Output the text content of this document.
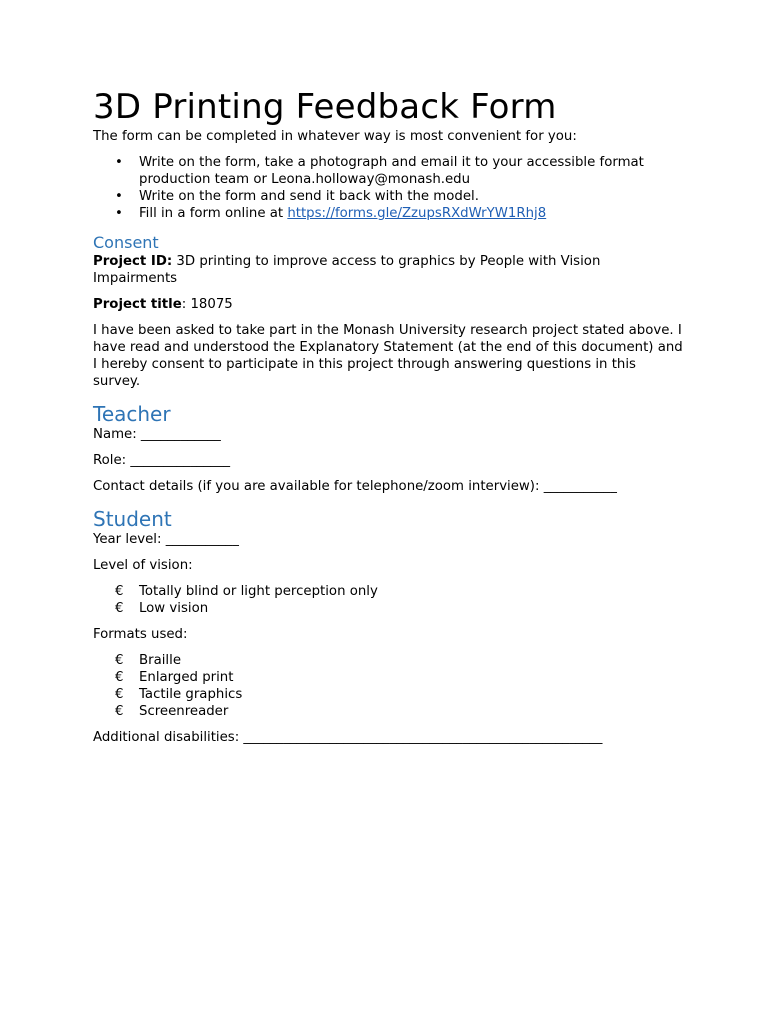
3D Printing Feedback Form

The form can be completed in whatever way is most convenient for you:

• Write on the form, take a photograph and email it to your accessible format production team or Leona.holloway@monash.edu
• Write on the form and send it back with the model.
• Fill in a form online at https://forms.gle/ZzupsRXdWrYW1Rhj8
Consent

Project ID: 3D printing to improve access to graphics by People with Vision Impairments

Project title: 18075

I have been asked to take part in the Monash University research project stated above. I have read and understood the Explanatory Statement (at the end of this document) and I hereby consent to participate in this project through answering questions in this survey.

Teacher

Name: ____________

Role: _______________

Contact details (if you are available for telephone/zoom interview): ___________

Student

Year level: ___________

Level of vision:

€ Totally blind or light perception only
€ Low vision

Formats used:

€ Braille
€ Enlarged print
€ Tactile graphics
€ Screenreader

Additional disabilities: ______________________________________________________
